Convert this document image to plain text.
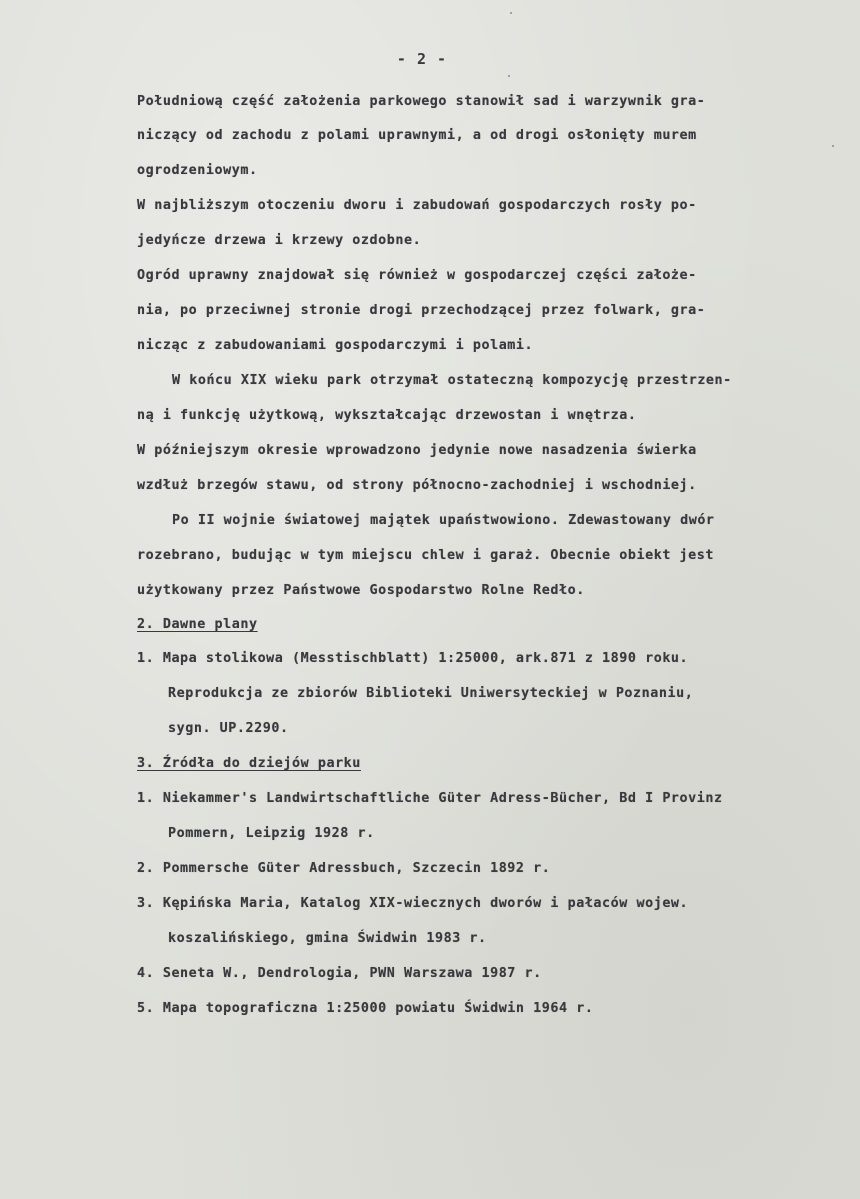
- 2 -
Południową część założenia parkowego stanowił sad i warzywnik gra-
niczący od zachodu z polami uprawnymi, a od drogi osłonięty murem
ogrodzeniowym.
W najbliższym otoczeniu dworu i zabudowań gospodarczych rosły po-
jedyńcze drzewa i krzewy ozdobne.
Ogród uprawny znajdował się również w gospodarczej części założe-
nia, po przeciwnej stronie drogi przechodzącej przez folwark, gra-
nicząc z zabudowaniami gospodarczymi i polami.
W końcu XIX wieku park otrzymał ostateczną kompozycję przestrzen-
ną i funkcję użytkową, wykształcając drzewostan i wnętrza.
W późniejszym okresie wprowadzono jedynie nowe nasadzenia świerka
wzdłuż brzegów stawu, od strony północno-zachodniej i wschodniej.
Po II wojnie światowej majątek upaństwowiono. Zdewastowany dwór
rozebrano, budując w tym miejscu chlew i garaż. Obecnie obiekt jest
użytkowany przez Państwowe Gospodarstwo Rolne Redło.
2. Dawne plany
1. Mapa stolikowa (Messtischblatt) 1:25000, ark.871 z 1890 roku.
Reprodukcja ze zbiorów Biblioteki Uniwersyteckiej w Poznaniu,
sygn. UP.2290.
3. Źródła do dziejów parku
1. Niekammer's Landwirtschaftliche Güter Adress-Bücher, Bd I Provinz
Pommern, Leipzig 1928 r.
2. Pommersche Güter Adressbuch, Szczecin 1892 r.
3. Kępińska Maria, Katalog XIX-wiecznych dworów i pałaców wojew.
koszalińskiego, gmina Świdwin 1983 r.
4. Seneta W., Dendrologia, PWN Warszawa 1987 r.
5. Mapa topograficzna 1:25000 powiatu Świdwin 1964 r.
